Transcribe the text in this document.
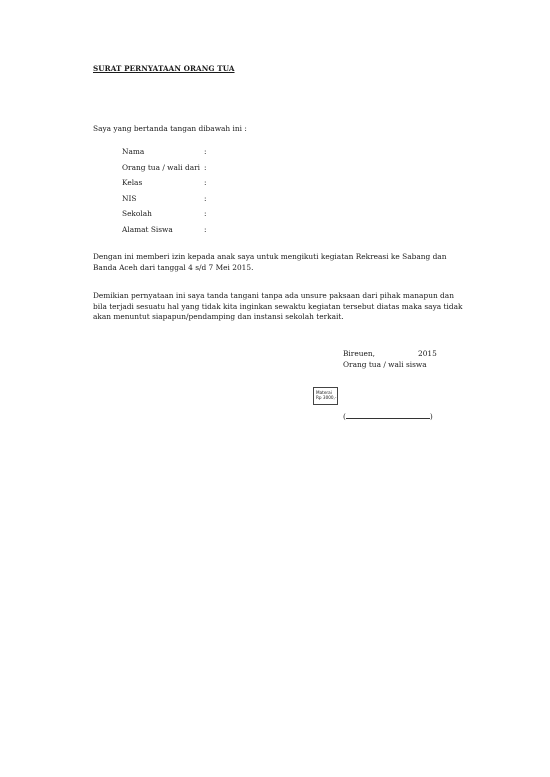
SURAT PERNYATAAN ORANG TUA
Saya yang bertanda tangan dibawah ini :
Nama	:
Orang tua / wali dari :
Kelas	:
NIS	:
Sekolah	:
Alamat Siswa	:
Dengan ini memberi izin kepada anak saya untuk mengikuti kegiatan Rekreasi ke Sabang dan Banda Aceh dari tanggal 4 s/d 7 Mei 2015.
Demikian pernyataan ini saya tanda tangani tanpa ada unsure paksaan dari pihak manapun dan bila terjadi sesuatu hal yang tidak kita inginkan sewaktu kegiatan tersebut diatas maka saya tidak akan menuntut siapapun/pendamping dan instansi sekolah terkait.
Bireuen,	2015
Orang tua / wali siswa
Materai
Rp 3000,-
(	)
